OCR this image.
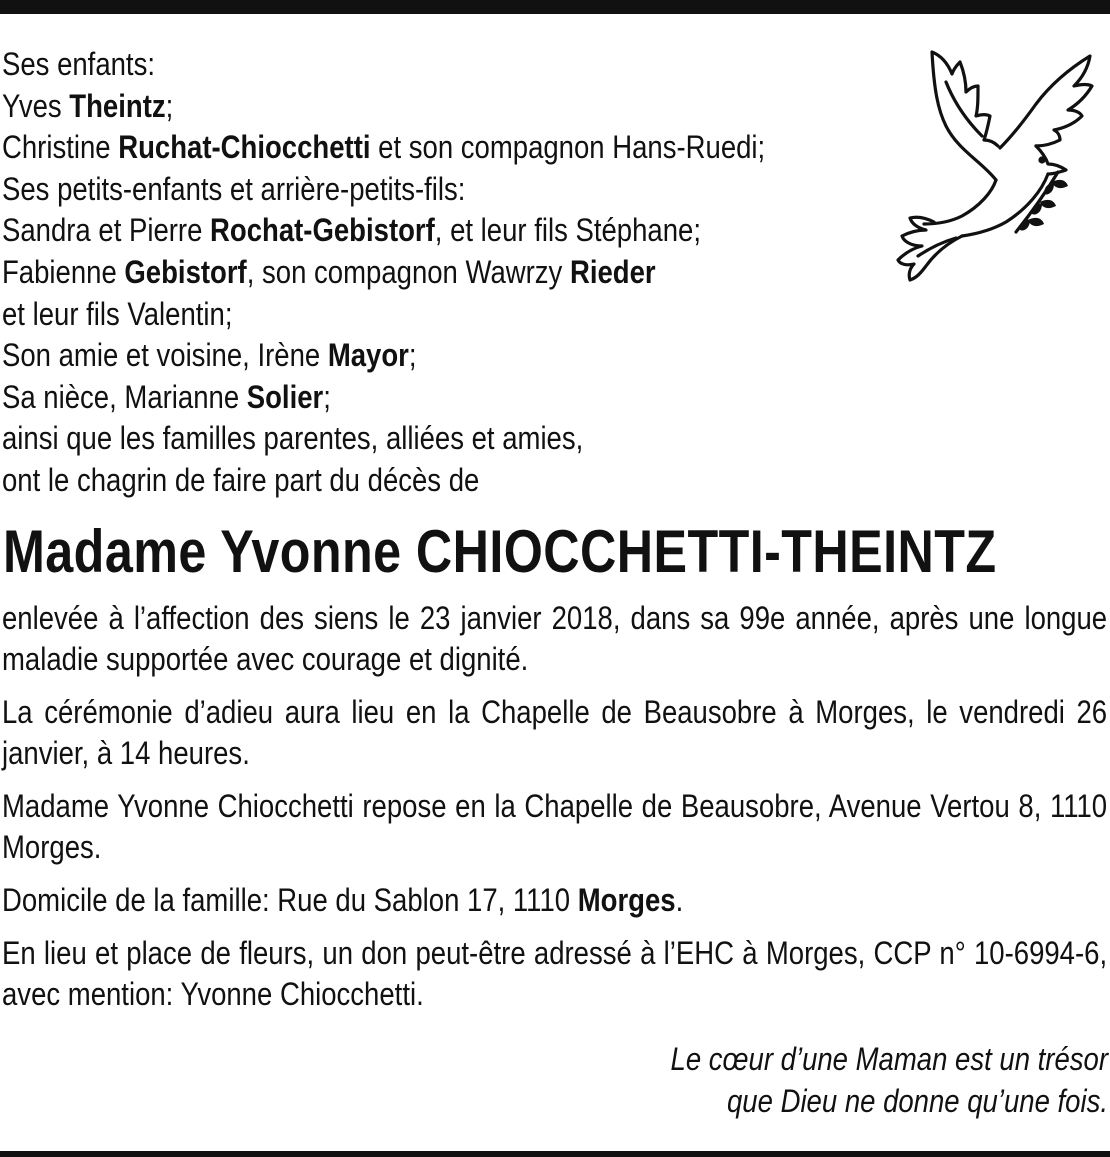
Ses enfants:
Yves Theintz;
Christine Ruchat-Chiocchetti et son compagnon Hans-Ruedi;
Ses petits-enfants et arrière-petits-fils:
Sandra et Pierre Rochat-Gebistorf, et leur fils Stéphane;
Fabienne Gebistorf, son compagnon Wawrzy Rieder
et leur fils Valentin;
Son amie et voisine, Irène Mayor;
Sa nièce, Marianne Solier;
ainsi que les familles parentes, alliées et amies,
ont le chagrin de faire part du décès de
Madame Yvonne CHIOCCHETTI-THEINTZ

enlevée à l’affection des siens le 23 janvier 2018, dans sa 99e année, après une longue maladie supportée avec courage et dignité.

La cérémonie d’adieu aura lieu en la Chapelle de Beausobre à Morges, le vendredi 26 janvier, à 14 heures.

Madame Yvonne Chiocchetti repose en la Chapelle de Beausobre, Avenue Vertou 8, 1110 Morges.

Domicile de la famille: Rue du Sablon 17, 1110 Morges.

En lieu et place de fleurs, un don peut-être adressé à l’EHC à Morges, CCP n° 10-6994-6, avec mention: Yvonne Chiocchetti.

Le cœur d’une Maman est un trésor
que Dieu ne donne qu’une fois.
